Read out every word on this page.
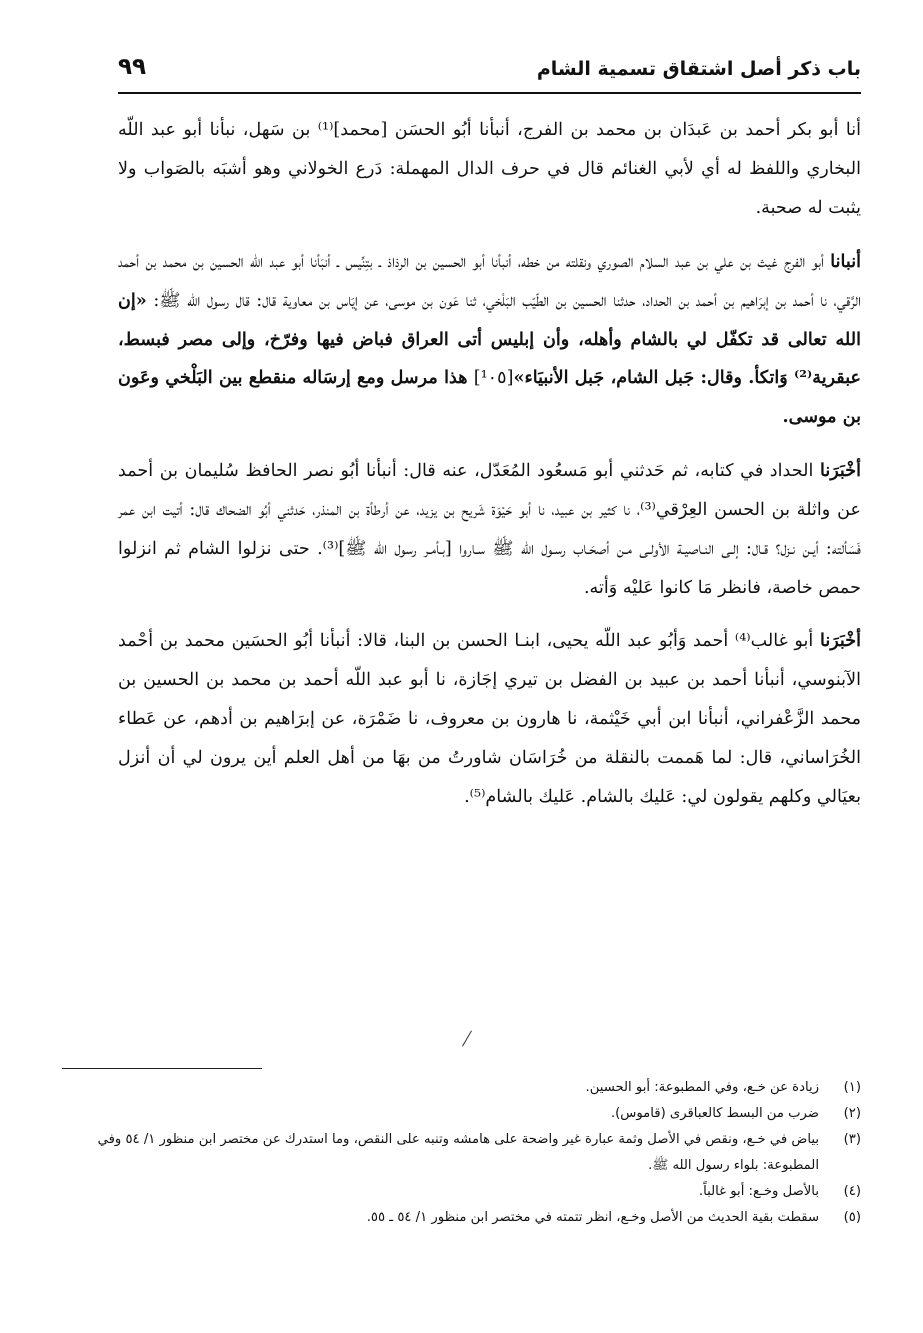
باب ذكر أصل اشتقاق تسمية الشام
٩٩

أنا أبو بكر أحمد بن عَبدَان بن محمد بن الفرج، أنبأنا أبُو الحسَن [محمد]⁽¹⁾ بن سَهل، نبأنا أبو عبد اللّه البخاري واللفظ له أي لأبي الغنائم قال في حرف الدال المهملة: دَرع الخولاني وهو أشبَه بالصَواب ولا يثبت له صحبة.

أنبانا أبو الفرج غيث بن علي بن عبد السلام الصوري ونقلته من خطه، أنبأنا أبو الحسين بن الرذاذ ـ بتِنِّيس ـ أنبَأنا أبو عبد اللّه الحسين بن محمد بن أحمد الرَّقي، نا أحمد بن إبرَاهيم بن أحمد بن الحداد، حدثنا الحسين بن الطّيّب البَلْخي، ثنا عَون بن موسى، عن إيَاس بن معاوية قال: قال رسول الله ﷺ: «إن الله تعالى قد تكفّل لي بالشام وأهله، وأن إبليس أتى العراق فباض فيها وفرّخ، وإلى مصر فبسط، عبقرية⁽²⁾ وَاتكأ. وقال: جَبل الشام، جَبل الأنبيَاء»[¹٠٥] هذا مرسل ومع إرسَاله منقطع بين البَلْخي وعَون بن موسى.

أخْبَرَنا الحداد في كتابه، ثم حَدثني أبو مَسعُود المُعَدّل، عنه قال: أنبأنا أبُو نصر الحافظ سُليمان بن أحمد عن واثلة بن الحسن العِرْقي⁽³⁾، نا كثير بن عبيد، نا أبو حَيْوَة شَريح بن يزيد، عن أرطأة بن المنذر، حَدثني أبُو الضحاك قال: أتيت ابن عمر فَسَألته: أيـن نـزل؟ قـال: إلـى النـاصيـة الأولـى مـن أصحَـاب رسـول الله ﷺ سـاروا [بـأمـر رسول الله ﷺ]⁽³⁾. حتى نزلوا الشام ثم انزلوا حمص خاصة، فانظر مَا كانوا عَليْه وَأته.

أخْبَرَنا أبو غالب⁽⁴⁾ أحمد وَأبُو عبد اللّه يحيى، ابنـا الحسن بن البنا، قالا: أنبأنا أبُو الحسَين محمد بن أحْمد الآبنوسي، أنبأنا أحمد بن عبيد بن الفضل بن تيري إجَازة، نا أبو عبد اللّه أحمد بن محمد بن الحسين بن محمد الزَّعْفراني، أنبأنا ابن أبي خَيْثمة، نا هارون بن معروف، نا ضَمْرَة، عن إبرَاهيم بن أدهم، عن عَطاء الخُرَاساني، قال: لما هَممت بالنقلة من خُرَاسَان شاورتُ من بهَا من أهل العلم أين يرون لي أن أنزل بعيَالي وكلهم يقولون لي: عَليك بالشام. عَليك بالشام⁽⁵⁾.

(١)
زيادة عن خـع، وفي المطبوعة: أبو الحسين.
(٢)
ضرب من البسط كالعباقرى (قاموس).
(٣)
بياض في خـع، ونقص في الأصل وثمة عبارة غير واضحة على هامشه وتنبه على النقص، وما استدرك عن مختصر ابن منظور ١/ ٥٤ وفي المطبوعة: بلواء رسول الله ﷺ.
(٤)
بالأصل وخـع: أبو غالباً.
(٥)
سقطت بقية الحديث من الأصل وخـع، انظر تتمته في مختصر ابن منظور ١/ ٥٤ ـ ٥٥.
